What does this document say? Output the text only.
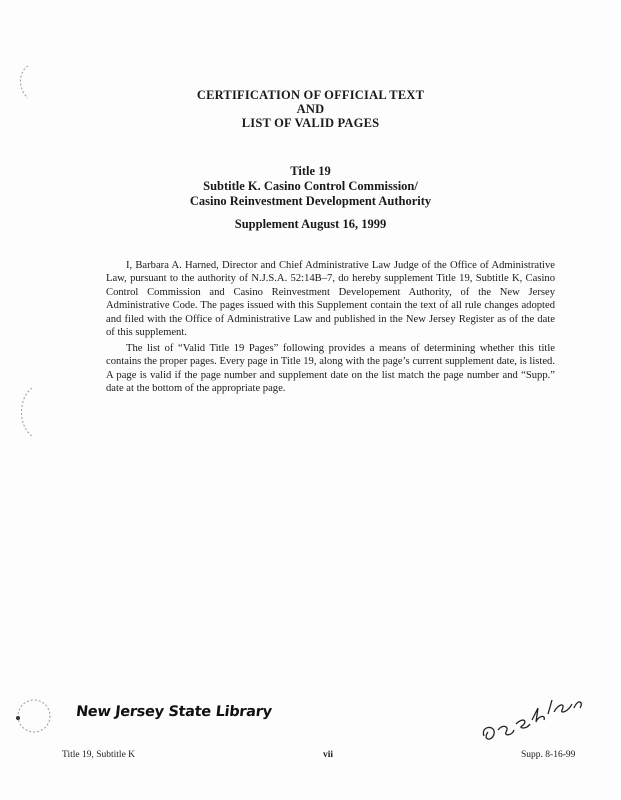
CERTIFICATION OF OFFICIAL TEXT
AND
LIST OF VALID PAGES
Title 19
Subtitle K. Casino Control Commission/
Casino Reinvestment Development Authority
Supplement August 16, 1999

I, Barbara A. Harned, Director and Chief Administrative Law Judge of the Office of Administrative Law, pursuant to the authority of N.J.S.A. 52:14B–7, do hereby supplement Title 19, Subtitle K, Casino Control Commission and Casino Reinvestment Developement Authority, of the New Jersey Administrative Code. The pages issued with this Supplement contain the text of all rule changes adopted and filed with the Office of Administrative Law and published in the New Jersey Register as of the date of this supplement.

The list of “Valid Title 19 Pages” following provides a means of determining whether this title contains the proper pages. Every page in Title 19, along with the page’s current supplement date, is listed. A page is valid if the page number and supplement date on the list match the page number and “Supp.” date at the bottom of the appropriate page.

New Jersey State Library
Title 19, Subtitle K	vii	Supp. 8-16-99
